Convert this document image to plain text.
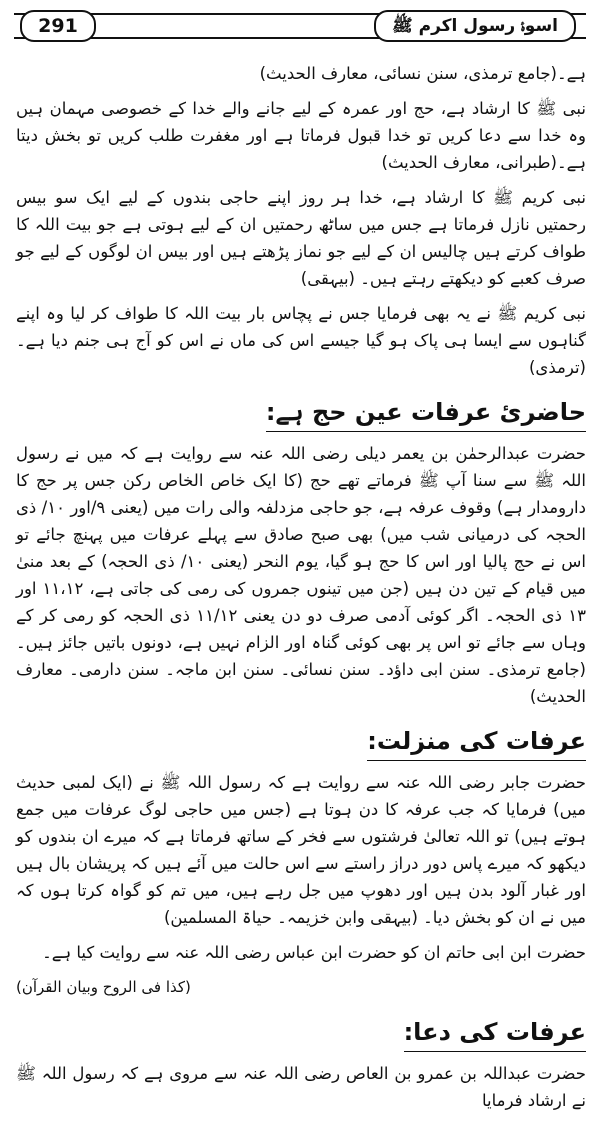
291	اسوۂ رسول اکرم ﷺ

ہے۔(جامع ترمذی، سنن نسائی، معارف الحدیث)

نبی ﷺ کا ارشاد ہے، حج اور عمرہ کے لیے جانے والے خدا کے خصوصی مہمان ہیں وہ خدا سے دعا کریں تو خدا قبول فرماتا ہے اور مغفرت طلب کریں تو بخش دیتا ہے۔(طبرانی، معارف الحدیث)

نبی کریم ﷺ کا ارشاد ہے، خدا ہر روز اپنے حاجی بندوں کے لیے ایک سو بیس رحمتیں نازل فرماتا ہے جس میں ساٹھ رحمتیں ان کے لیے ہوتی ہے جو بیت اللہ کا طواف کرتے ہیں چالیس ان کے لیے جو نماز پڑھتے ہیں اور بیس ان لوگوں کے لیے جو صرف کعبے کو دیکھتے رہتے ہیں۔ (بیہقی)

نبی کریم ﷺ نے یہ بھی فرمایا جس نے پچاس بار بیت اللہ کا طواف کر لیا وہ اپنے گناہوں سے ایسا ہی پاک ہو گیا جیسے اس کی ماں نے اس کو آج ہی جنم دیا ہے۔(ترمذی)

حاضریٔ عرفات عین حج ہے:

حضرت عبدالرحمٰن بن یعمر دیلی رضی اللہ عنہ سے روایت ہے کہ میں نے رسول اللہ ﷺ سے سنا آپ ﷺ فرماتے تھے حج (کا ایک خاص الخاص رکن جس پر حج کا دارومدار ہے) وقوف عرفہ ہے، جو حاجی مزدلفہ والی رات میں (یعنی ۹/اور ۱۰/ ذی الحجہ کی درمیانی شب میں) بھی صبح صادق سے پہلے عرفات میں پہنچ جائے تو اس نے حج پالیا اور اس کا حج ہو گیا، یوم النحر (یعنی ۱۰/ ذی الحجہ) کے بعد منیٰ میں قیام کے تین دن ہیں (جن میں تینوں جمروں کی رمی کی جاتی ہے، ۱۱،۱۲ اور ۱۳ ذی الحجہ۔ اگر کوئی آدمی صرف دو دن یعنی ۱۱/۱۲ ذی الحجہ کو رمی کر کے وہاں سے جائے تو اس پر بھی کوئی گناہ اور الزام نہیں ہے، دونوں باتیں جائز ہیں۔(جامع ترمذی۔ سنن ابی داؤد۔ سنن نسائی۔ سنن ابن ماجہ۔ سنن دارمی۔ معارف الحدیث)

عرفات کی منزلت:

حضرت جابر رضی اللہ عنہ سے روایت ہے کہ رسول اللہ ﷺ نے (ایک لمبی حدیث میں) فرمایا کہ جب عرفہ کا دن ہوتا ہے (جس میں حاجی لوگ عرفات میں جمع ہوتے ہیں) تو اللہ تعالیٰ فرشتوں سے فخر کے ساتھ فرماتا ہے کہ میرے ان بندوں کو دیکھو کہ میرے پاس دور دراز راستے سے اس حالت میں آئے ہیں کہ پریشان بال ہیں اور غبار آلود بدن ہیں اور دھوپ میں جل رہے ہیں، میں تم کو گواہ کرتا ہوں کہ میں نے ان کو بخش دیا۔ (بیہقی وابن خزیمہ۔ حیاۃ المسلمین)

حضرت ابن ابی حاتم ان کو حضرت ابن عباس رضی اللہ عنہ سے روایت کیا ہے۔

(کذا فی الروح وبیان القرآن)

عرفات کی دعا:

حضرت عبداللہ بن عمرو بن العاص رضی اللہ عنہ سے مروی ہے کہ رسول اللہ ﷺ نے ارشاد فرمایا
